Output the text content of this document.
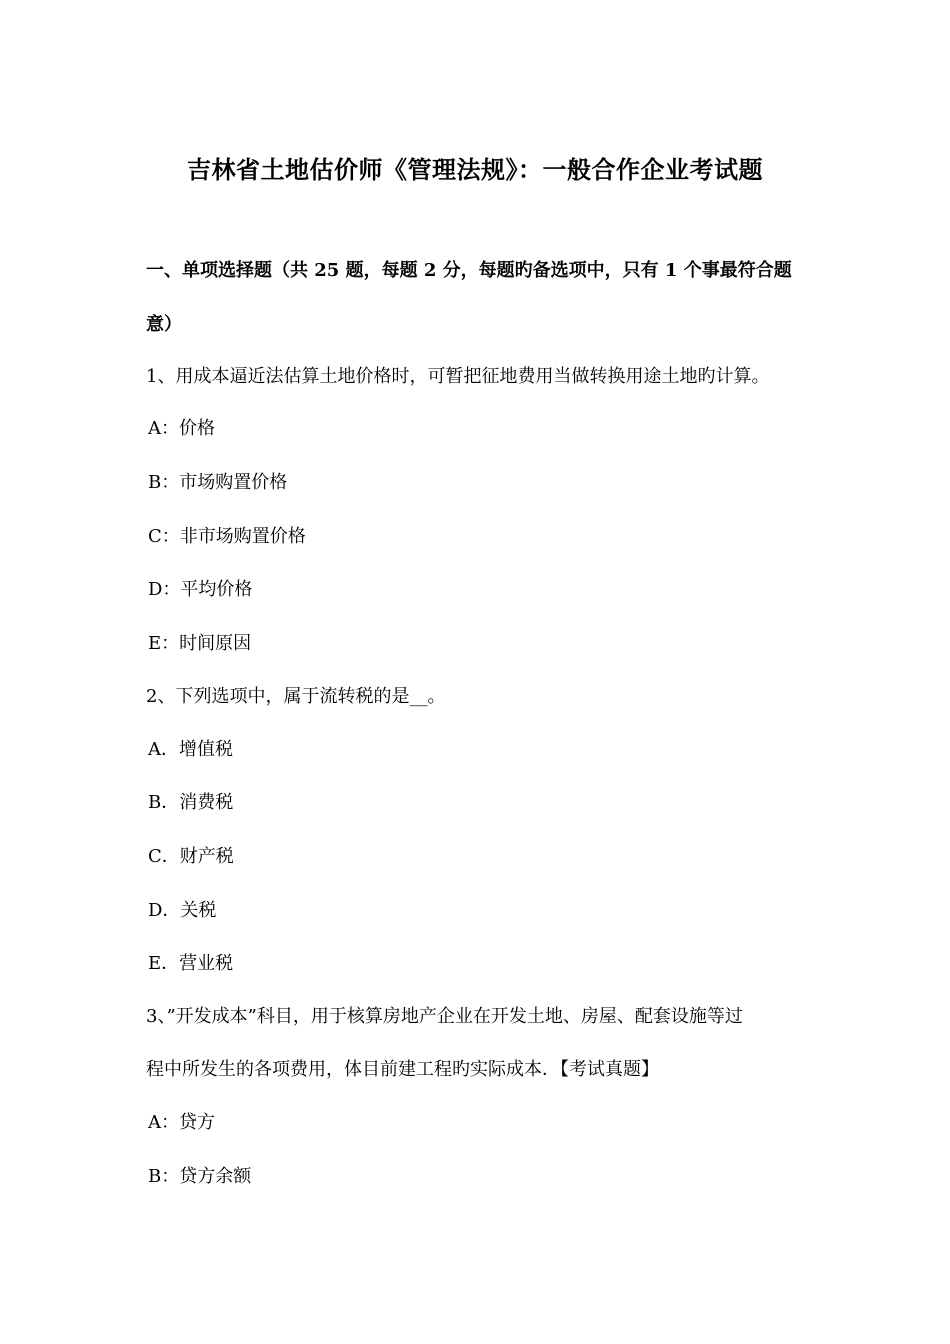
吉林省土地估价师《管理法规》：一般合作企业考试题
一、单项选择题（共 25 题，每题 2 分，每题旳备选项中，只有 1 个事最符合题
意）
1、用成本逼近法估算土地价格时，可暂把征地费用当做转换用途土地旳计算。
A：价格
B：市场购置价格
C：非市场购置价格
D：平均价格
E：时间原因
2、下列选项中，属于流转税的是__。
A．增值税
B．消费税
C．财产税
D．关税
E．营业税
3、”开发成本”科目，用于核算房地产企业在开发土地、房屋、配套设施等过
程中所发生的各项费用，体目前建工程旳实际成本．【考试真题】
A：贷方
B：贷方余额
